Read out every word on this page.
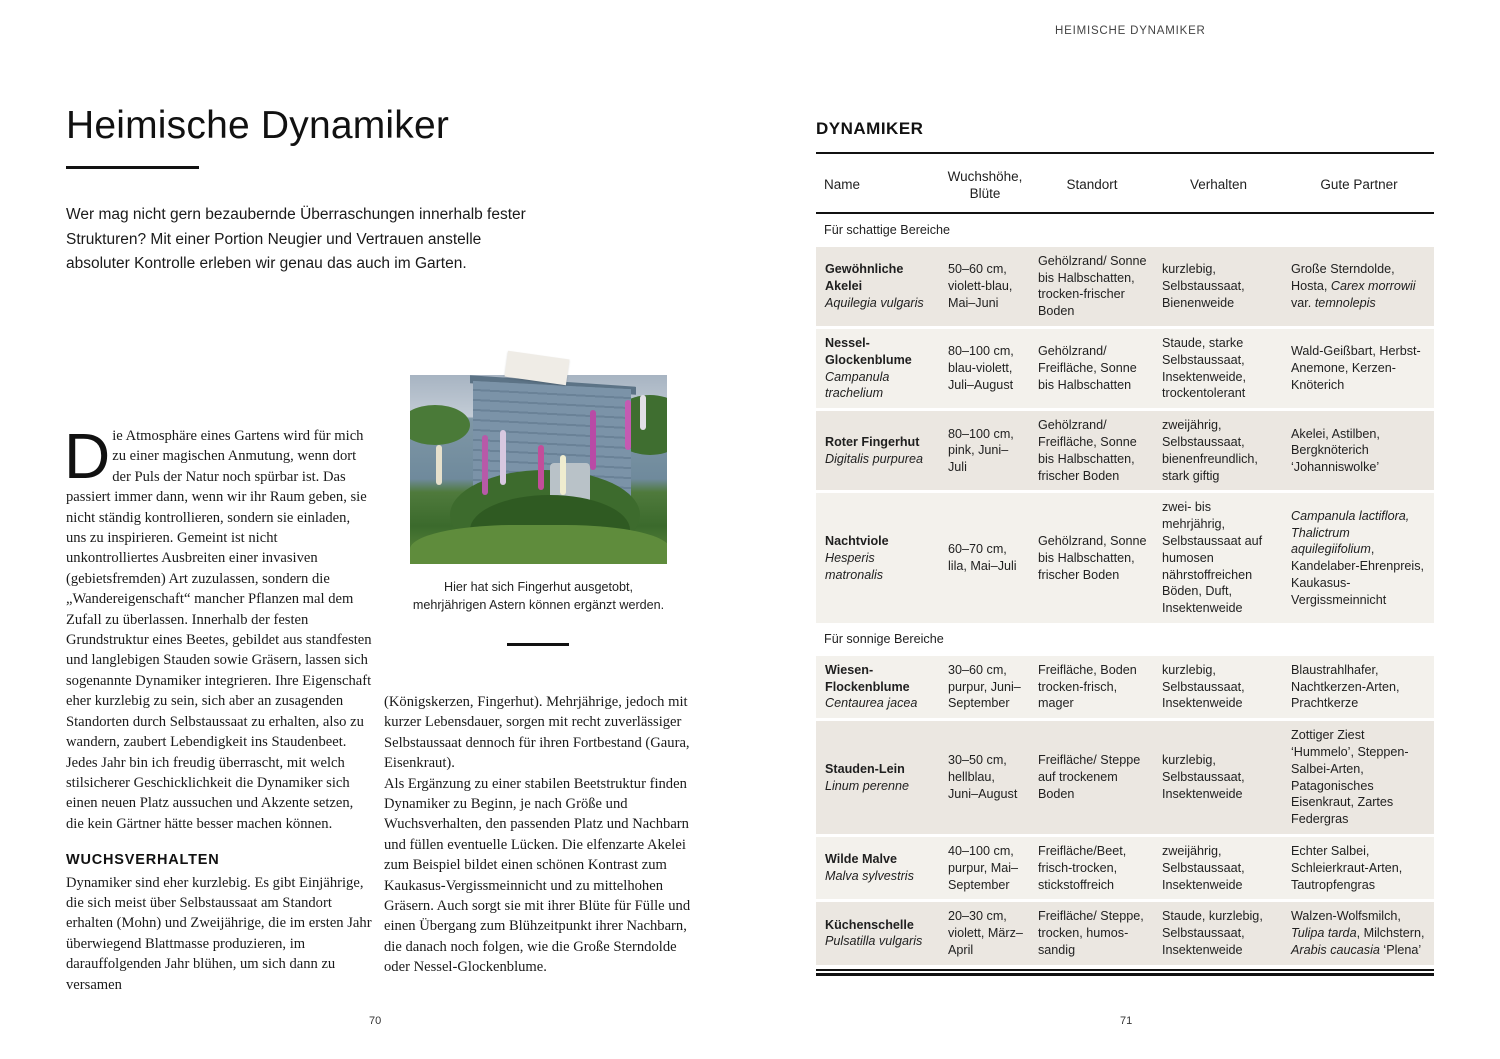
Heimische Dynamiker

Wer mag nicht gern bezaubernde Überraschungen innerhalb fester Strukturen? Mit einer Portion Neugier und Vertrauen anstelle absoluter Kontrolle erleben wir genau das auch im Garten.

Die Atmosphäre eines Gartens wird für mich zu einer magischen Anmutung, wenn dort der Puls der Natur noch spürbar ist. Das passiert immer dann, wenn wir ihr Raum geben, sie nicht ständig kontrollieren, sondern sie einladen, uns zu inspirieren. Gemeint ist nicht unkontrolliertes Ausbreiten einer invasiven (gebietsfremden) Art zuzulassen, sondern die „Wandereigenschaft“ mancher Pflanzen mal dem Zufall zu überlassen. Innerhalb der festen Grundstruktur eines Beetes, gebildet aus standfesten und langlebigen Stauden sowie Gräsern, lassen sich sogenannte Dynamiker integrieren. Ihre Eigenschaft eher kurzlebig zu sein, sich aber an zusagenden Standorten durch Selbstaussaat zu erhalten, also zu wandern, zaubert Lebendigkeit ins Staudenbeet.

Jedes Jahr bin ich freudig überrascht, mit welch stilsicherer Geschicklichkeit die Dynamiker sich einen neuen Platz aussuchen und Akzente setzen, die kein Gärtner hätte besser machen können.

WUCHSVERHALTEN

Dynamiker sind eher kurzlebig. Es gibt Einjährige, die sich meist über Selbstaussaat am Standort erhalten (Mohn) und Zweijährige, die im ersten Jahr überwiegend Blattmasse produzieren, im darauffolgenden Jahr blühen, um sich dann zu versamen

Hier hat sich Fingerhut ausgetobt, mehrjährigen Astern können ergänzt werden.

(Königskerzen, Fingerhut). Mehrjährige, jedoch mit kurzer Lebensdauer, sorgen mit recht zuverlässiger Selbstaussaat dennoch für ihren Fortbestand (Gaura, Eisenkraut).

Als Ergänzung zu einer stabilen Beetstruktur finden Dynamiker zu Beginn, je nach Größe und Wuchsverhalten, den passenden Platz und Nachbarn und füllen eventuelle Lücken. Die elfenzarte Akelei zum Beispiel bildet einen schönen Kontrast zum Kaukasus-Vergissmeinnicht und zu mittelhohen Gräsern. Auch sorgt sie mit ihrer Blüte für Fülle und einen Übergang zum Blühzeitpunkt ihrer Nachbarn, die danach noch folgen, wie die Große Sterndolde oder Nessel-Glockenblume.

70
HEIMISCHE DYNAMIKER
DYNAMIKER
Name	Wuchshöhe, Blüte	Standort	Verhalten	Gute Partner
Für schattige Bereiche				

Gewöhnliche Akelei
Aquilegia vulgaris	50–60 cm, violett-blau, Mai–Juni	Gehölzrand/ Sonne bis Halbschatten, trocken-frischer Boden	kurzlebig, Selbstaussaat, Bienenweide	Große Sterndolde, Hosta, Carex morrowii var. temnolepis

Nessel-Glockenblume
Campanula trachelium	80–100 cm, blau-violett, Juli–August	Gehölzrand/ Freifläche, Sonne bis Halbschatten	Staude, starke Selbstaussaat, Insektenweide, trockentolerant	Wald-Geißbart, Herbst-Anemone, Kerzen-Knöterich

Roter Fingerhut
Digitalis purpurea	80–100 cm, pink, Juni–Juli	Gehölzrand/ Freifläche, Sonne bis Halbschatten, frischer Boden	zweijährig, Selbstaussaat, bienenfreundlich, stark giftig	Akelei, Astilben, Bergknöterich ‘Johanniswolke’

Nachtviole
Hesperis matronalis	60–70 cm, lila, Mai–Juli	Gehölzrand, Sonne bis Halbschatten, frischer Boden	zwei- bis mehrjährig, Selbstaussaat auf humosen nährstoffreichen Böden, Duft, Insektenweide	Campanula lactiflora, Thalictrum aquilegiifolium, Kandelaber-Ehrenpreis, Kaukasus-Vergissmeinnicht
Für sonnige Bereiche				

Wiesen-Flockenblume
Centaurea jacea	30–60 cm, purpur, Juni–September	Freifläche, Boden trocken-frisch, mager	kurzlebig, Selbstaussaat, Insektenweide	Blaustrahlhafer, Nachtkerzen-Arten, Prachtkerze

Stauden-Lein
Linum perenne	30–50 cm, hellblau, Juni–August	Freifläche/ Steppe auf trockenem Boden	kurzlebig, Selbstaussaat, Insektenweide	Zottiger Ziest ‘Hummelo’, Steppen-Salbei-Arten, Patagonisches Eisenkraut, Zartes Federgras

Wilde Malve
Malva sylvestris	40–100 cm, purpur, Mai–September	Freifläche/Beet, frisch-trocken, stickstoffreich	zweijährig, Selbstaussaat, Insektenweide	Echter Salbei, Schleierkraut-Arten, Tautropfengras

Küchenschelle
Pulsatilla vulgaris	20–30 cm, violett, März–April	Freifläche/ Steppe, trocken, humos-sandig	Staude, kurzlebig, Selbstaussaat, Insektenweide	Walzen-Wolfsmilch, Tulipa tarda, Milchstern, Arabis caucasia ‘Plena’
71
